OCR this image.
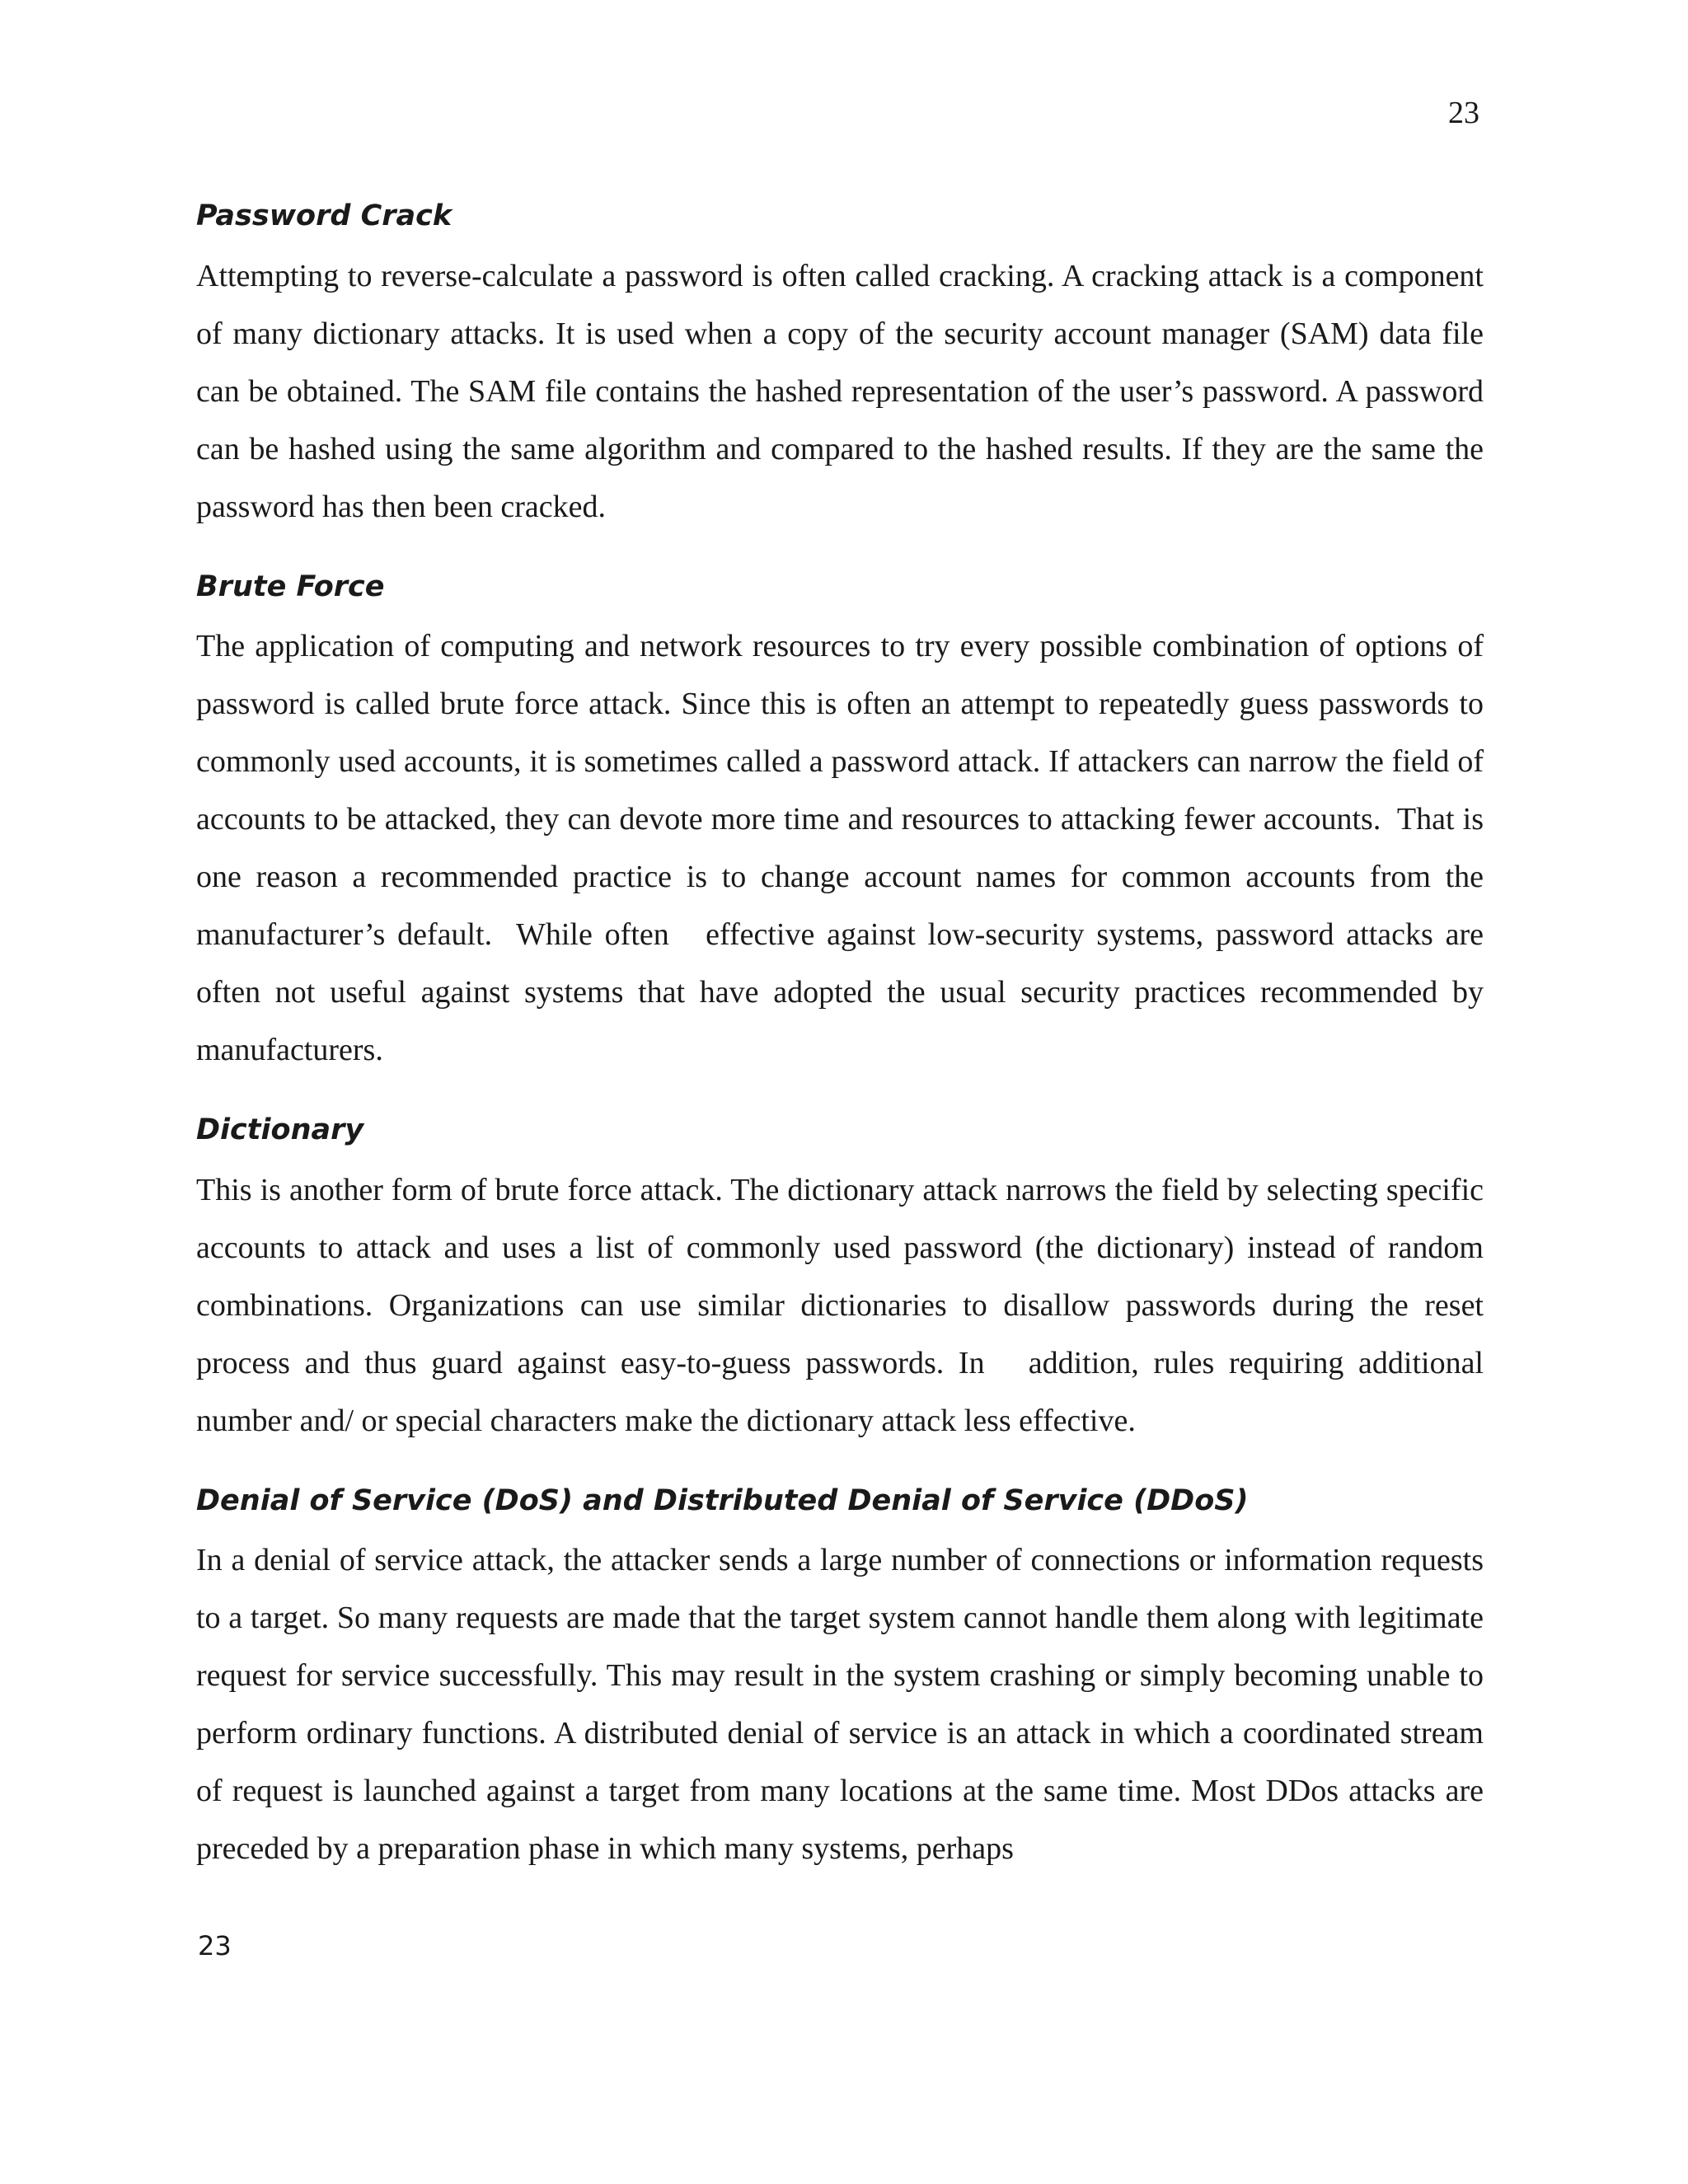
23
Password Crack

Attempting to reverse-calculate a password is often called cracking. A cracking attack is a component of many dictionary attacks. It is used when a copy of the security account manager (SAM) data file can be obtained. The SAM file contains the hashed representation of the user’s password. A password can be hashed using the same algorithm and compared to the hashed results. If they are the same the password has then been cracked.

Brute Force

The application of computing and network resources to try every possible combination of options of password is called brute force attack. Since this is often an attempt to repeatedly guess passwords to commonly used accounts, it is sometimes called a password attack. If attackers can narrow the field of accounts to be attacked, they can devote more time and resources to attacking fewer accounts.  That is one reason a recommended practice is to change account names for common accounts from the manufacturer’s default.  While often   effective against low-security systems, password attacks are often not useful against systems that have adopted the usual security practices recommended by manufacturers.

Dictionary

This is another form of brute force attack. The dictionary attack narrows the field by selecting specific accounts to attack and uses a list of commonly used password (the dictionary) instead of random combinations. Organizations can use similar dictionaries to disallow passwords during the reset process and thus guard against easy-to-guess passwords. In   addition, rules requiring additional number and/ or special characters make the dictionary attack less effective.

Denial of Service (DoS) and Distributed Denial of Service (DDoS)

In a denial of service attack, the attacker sends a large number of connections or information requests to a target. So many requests are made that the target system cannot handle them along with legitimate request for service successfully. This may result in the system crashing or simply becoming unable to perform ordinary functions. A distributed denial of service is an attack in which a coordinated stream of request is launched against a target from many locations at the same time. Most DDos attacks are preceded by a preparation phase in which many systems, perhaps

23
